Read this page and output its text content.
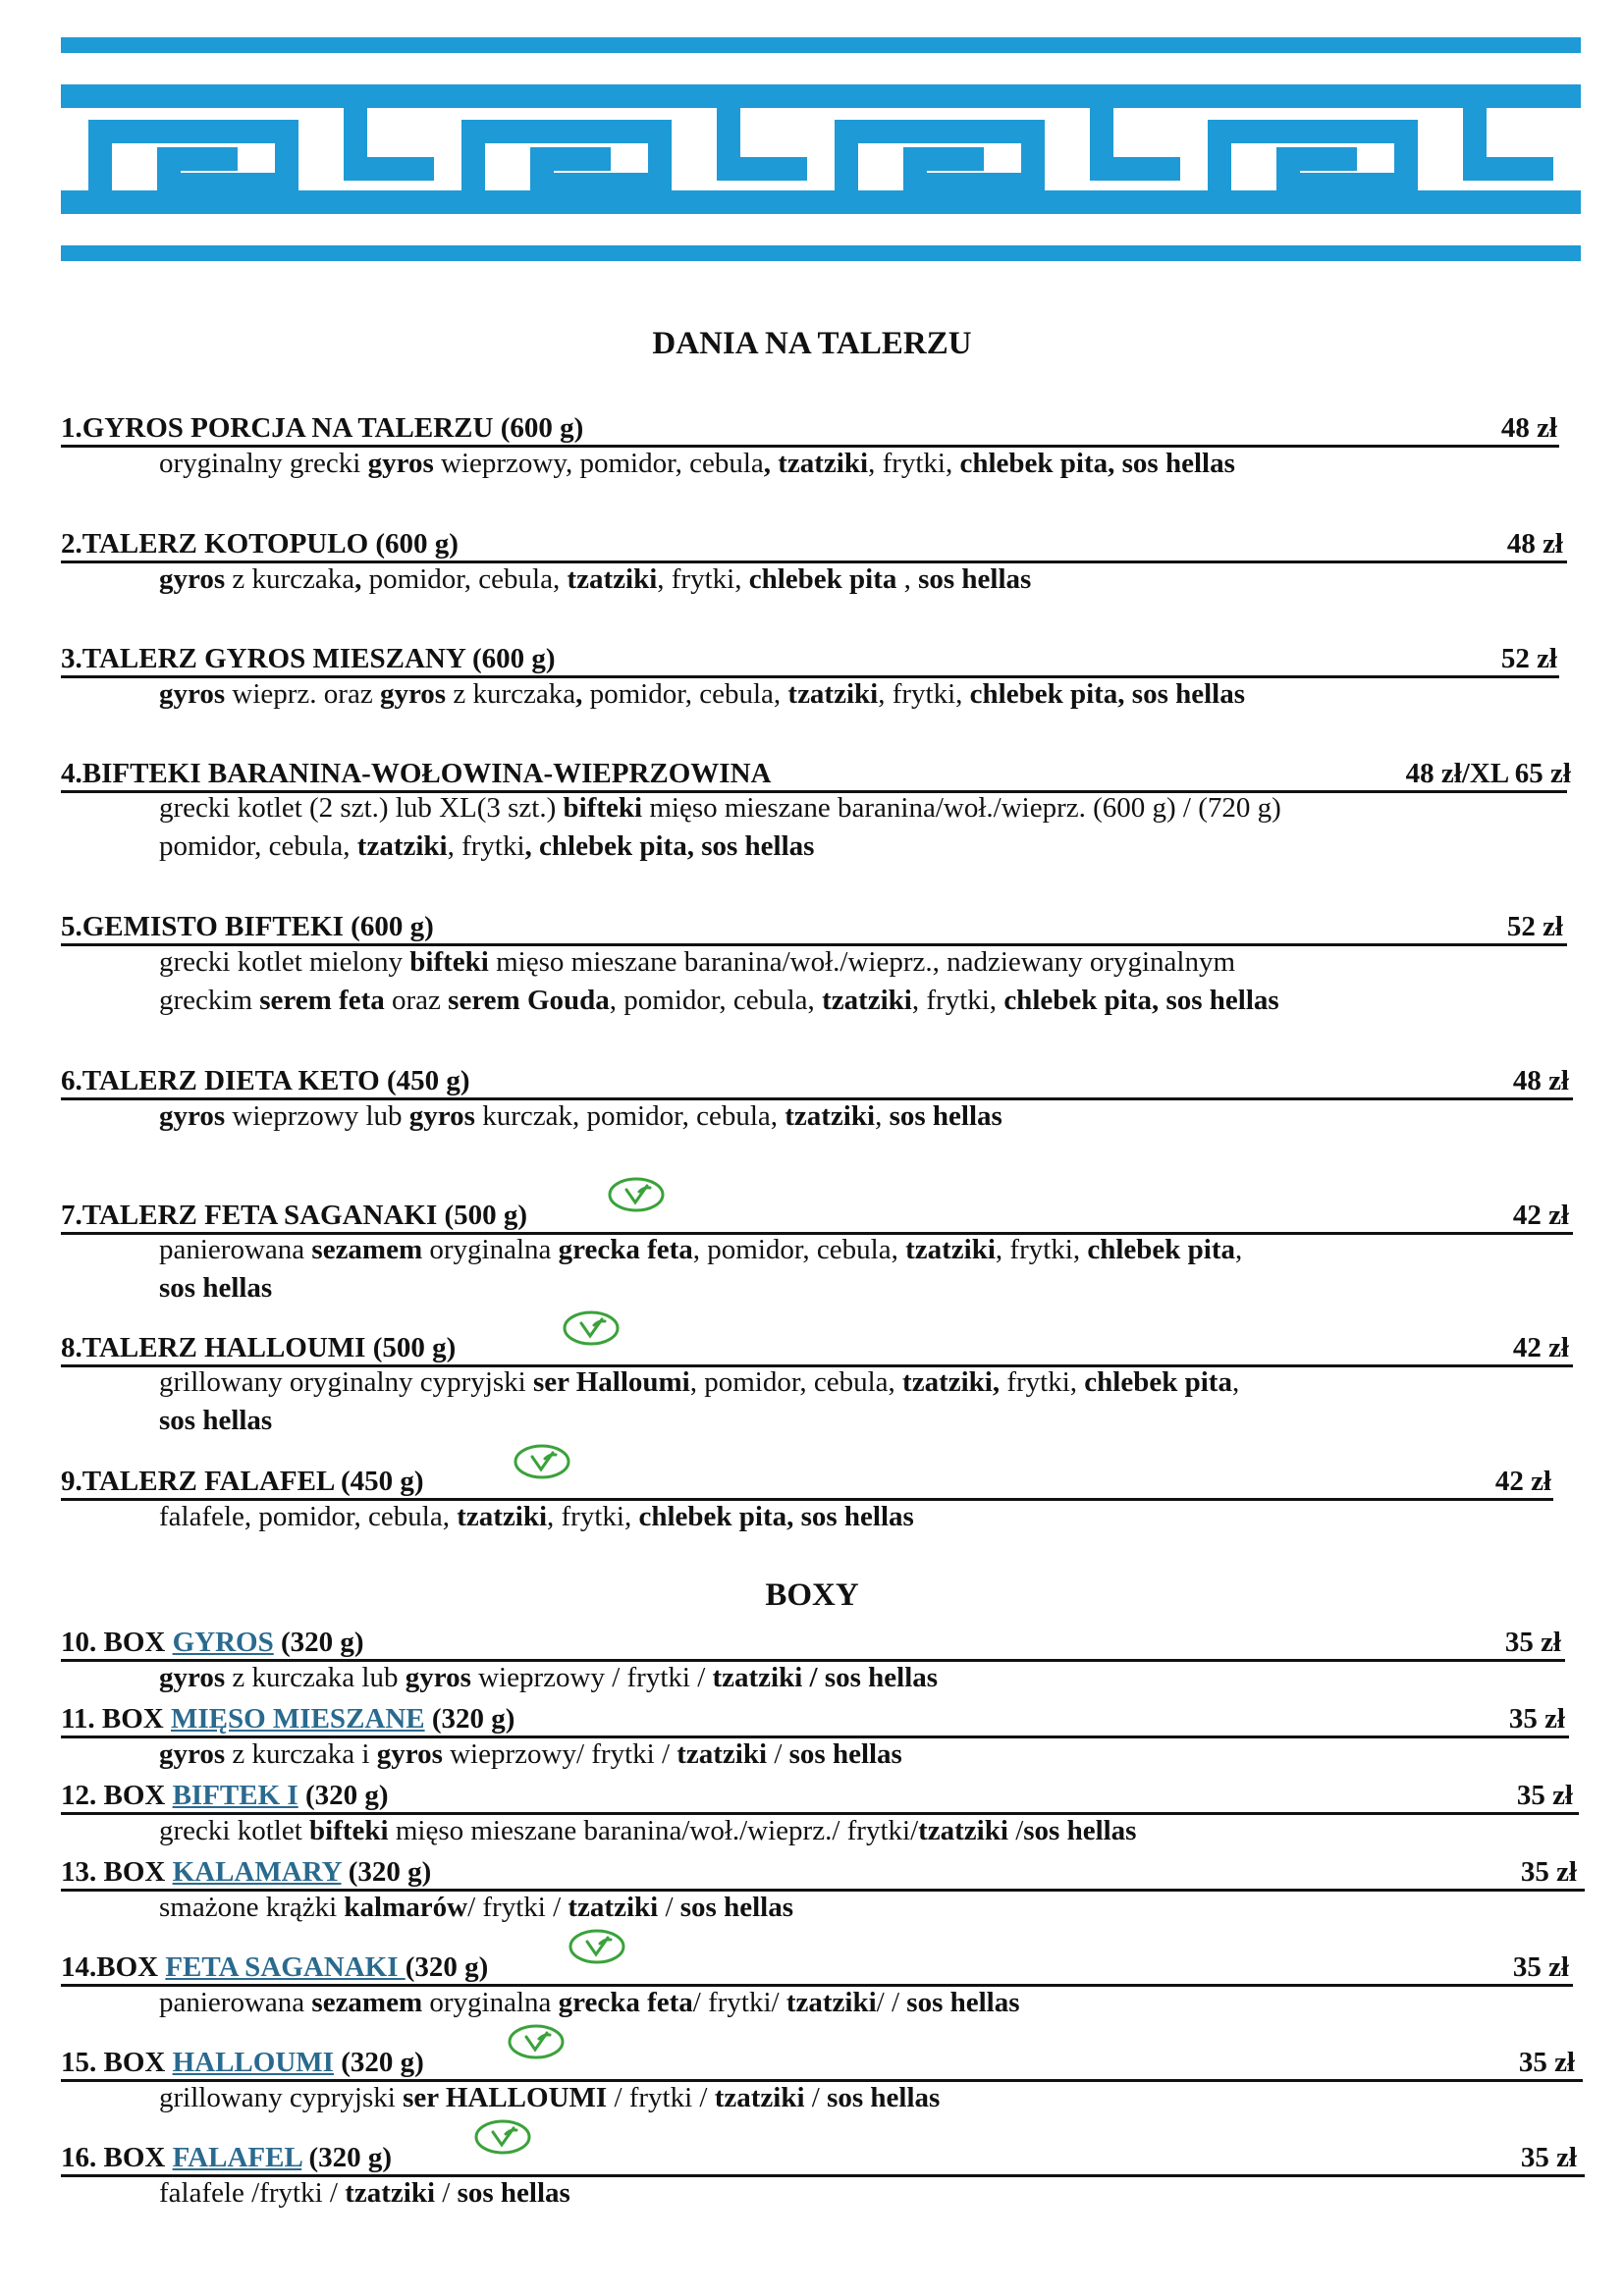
DANIA NA TALERZU
1.GYROS PORCJA NA TALERZU (600 g)	48 zł
oryginalny grecki gyros wieprzowy, pomidor, cebula, tzatziki, frytki, chlebek pita, sos hellas
2.TALERZ KOTOPULO (600 g)	48 zł
gyros z kurczaka, pomidor, cebula, tzatziki, frytki, chlebek pita , sos hellas
3.TALERZ GYROS MIESZANY (600 g)	52 zł
gyros wieprz. oraz gyros z kurczaka, pomidor, cebula, tzatziki, frytki, chlebek pita, sos hellas
4.BIFTEKI BARANINA-WOŁOWINA-WIEPRZOWINA	48 zł/XL 65 zł
grecki kotlet (2 szt.) lub XL(3 szt.) bifteki mięso mieszane baranina/woł./wieprz. (600 g) / (720 g)
pomidor, cebula, tzatziki, frytki, chlebek pita, sos hellas
5.GEMISTO BIFTEKI (600 g)	52 zł
grecki kotlet mielony bifteki mięso mieszane baranina/woł./wieprz., nadziewany oryginalnym
greckim serem feta oraz serem Gouda, pomidor, cebula, tzatziki, frytki, chlebek pita, sos hellas
6.TALERZ DIETA KETO (450 g)	48 zł
gyros wieprzowy lub gyros kurczak, pomidor, cebula, tzatziki, sos hellas
7.TALERZ FETA SAGANAKI (500 g)	42 zł
panierowana sezamem oryginalna grecka feta, pomidor, cebula, tzatziki, frytki, chlebek pita,
sos hellas
8.TALERZ HALLOUMI (500 g)	42 zł
grillowany oryginalny cypryjski ser Halloumi, pomidor, cebula, tzatziki, frytki, chlebek pita,
sos hellas
9.TALERZ FALAFEL (450 g)	42 zł
falafele, pomidor, cebula, tzatziki, frytki, chlebek pita, sos hellas
BOXY
10. BOX GYROS (320 g)	35 zł
gyros z kurczaka lub gyros wieprzowy / frytki / tzatziki / sos hellas
11. BOX MIĘSO MIESZANE (320 g)	35 zł
gyros z kurczaka i gyros wieprzowy/ frytki / tzatziki / sos hellas
12. BOX BIFTEK I (320 g)	35 zł
grecki kotlet bifteki mięso mieszane baranina/woł./wieprz./ frytki/tzatziki /sos hellas
13. BOX KALAMARY (320 g)	35 zł
smażone krążki kalmarów/ frytki / tzatziki / sos hellas
14.BOX FETA SAGANAKI (320 g)	35 zł
panierowana sezamem oryginalna grecka feta/ frytki/ tzatziki/ / sos hellas
15. BOX HALLOUMI (320 g)	35 zł
grillowany cypryjski ser HALLOUMI / frytki / tzatziki / sos hellas
16. BOX FALAFEL (320 g)	35 zł
falafele /frytki / tzatziki / sos hellas
